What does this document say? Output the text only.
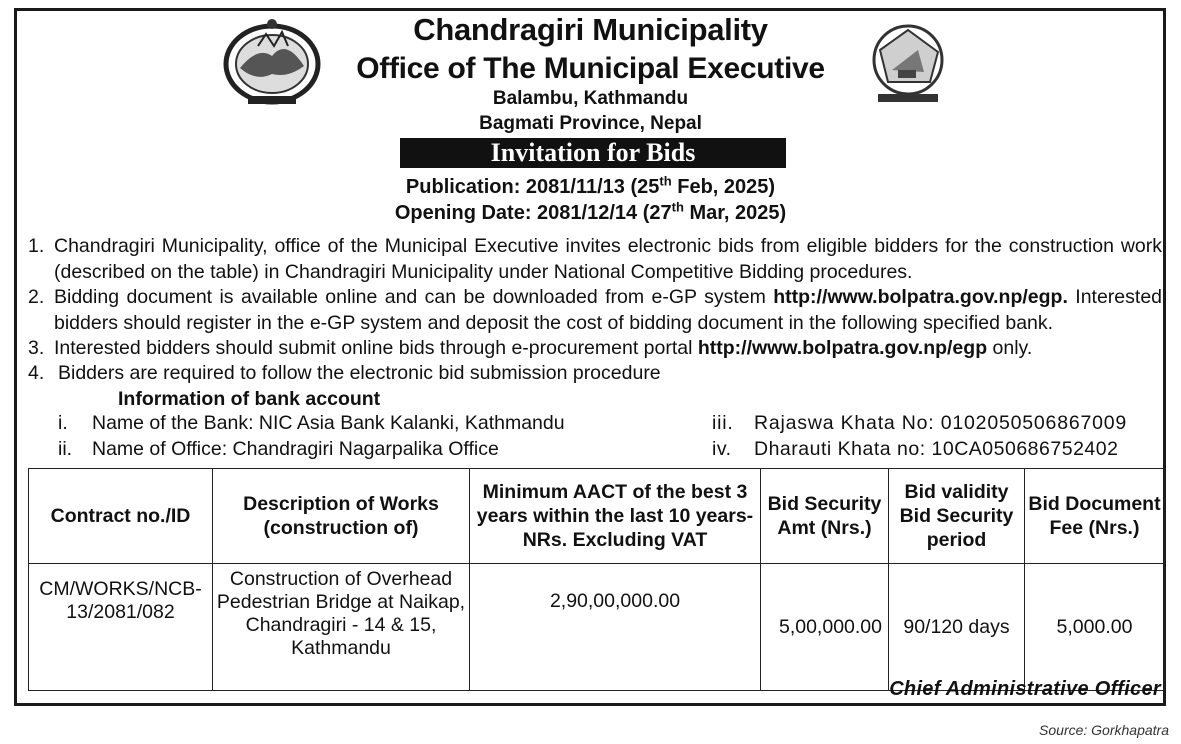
Chandragiri Municipality
Office of The Municipal Executive
Balambu, Kathmandu
Bagmati Province, Nepal
Invitation for Bids
Publication: 2081/11/13 (25th Feb, 2025)
Opening Date: 2081/12/14 (27th Mar, 2025)
1. Chandragiri Municipality, office of the Municipal Executive invites electronic bids from eligible bidders for the construction work (described on the table) in Chandragiri Municipality under National Competitive Bidding procedures.
2. Bidding document is available online and can be downloaded from e-GP system http://www.bolpatra.gov.np/egp. Interested bidders should register in the e-GP system and deposit the cost of bidding document in the following specified bank.
3. Interested bidders should submit online bids through e-procurement portal http://www.bolpatra.gov.np/egp only.
4. Bidders are required to follow the electronic bid submission procedure
Information of bank account
i. Name of the Bank: NIC Asia Bank Kalanki, Kathmandu
ii. Name of Office: Chandragiri Nagarpalika Office
iii. Rajaswa Khata No: 0102050506867009
iv. Dharauti Khata no: 10CA050686752402
Contract no./ID	Description of Works (construction of)	Minimum AACT of the best 3 years within the last 10 years-NRs. Excluding VAT	Bid Security Amt (Nrs.)	Bid validity Bid Security period	Bid Document Fee (Nrs.)
CM/WORKS/NCB-13/2081/082	Construction of Overhead Pedestrian Bridge at Naikap, Chandragiri - 14 & 15, Kathmandu	2,90,00,000.00	5,00,000.00	90/120 days	5,000.00
Chief Administrative Officer
Source: Gorkhapatra
